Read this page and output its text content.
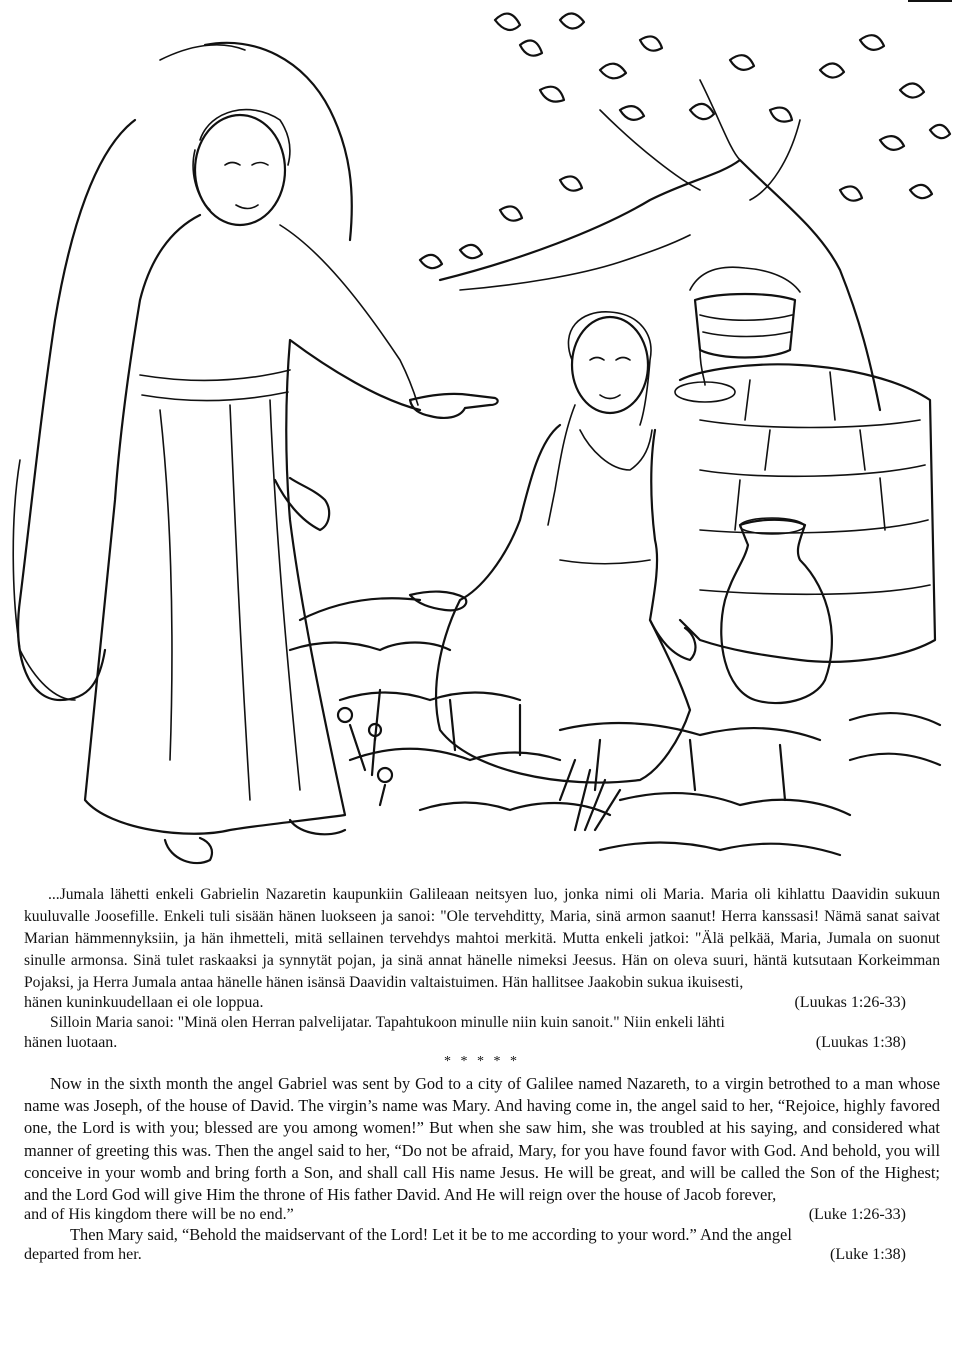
...Jumala lähetti enkeli Gabrielin Nazaretin kaupunkiin Galileaan neitsyen luo, jonka nimi oli Maria. Maria oli kihlattu Daavidin sukuun kuuluvalle Joosefille. Enkeli tuli sisään hänen luokseen ja sanoi: "Ole tervehditty, Maria, sinä armon saanut! Herra kanssasi! Nämä sanat saivat Marian hämmennyksiin, ja hän ihmetteli, mitä sellainen tervehdys mahtoi merkitä. Mutta enkeli jatkoi: "Älä pelkää, Maria, Jumala on suonut sinulle armonsa. Sinä tulet raskaaksi ja synnytät pojan, ja sinä annat hänelle nimeksi Jeesus. Hän on oleva suuri, häntä kutsutaan Korkeimman Pojaksi, ja Herra Jumala antaa hänelle hänen isänsä Daavidin valtaistuimen. Hän hallitsee Jaakobin sukua ikuisesti,

hänen kuninkuudellaan ei ole loppua.	(Luukas 1:26-33)

Silloin Maria sanoi: "Minä olen Herran palvelijatar. Tapahtukoon minulle niin kuin sanoit." Niin enkeli lähti

hänen luotaan.	(Luukas 1:38)
* * * * *

Now in the sixth month the angel Gabriel was sent by God to a city of Galilee named Nazareth, to a virgin betrothed to a man whose name was Joseph, of the house of David. The virgin’s name was Mary. And having come in, the angel said to her, “Rejoice, highly favored one, the Lord is with you; blessed are you among women!” But when she saw him, she was troubled at his saying, and considered what manner of greeting this was. Then the angel said to her, “Do not be afraid, Mary, for you have found favor with God. And behold, you will conceive in your womb and bring forth a Son, and shall call His name Jesus. He will be great, and will be called the Son of the Highest; and the Lord God will give Him the throne of His father David. And He will reign over the house of Jacob forever,

and of His kingdom there will be no end.”	(Luke 1:26-33)

Then Mary said, “Behold the maidservant of the Lord! Let it be to me according to your word.” And the angel

departed from her.	(Luke 1:38)
